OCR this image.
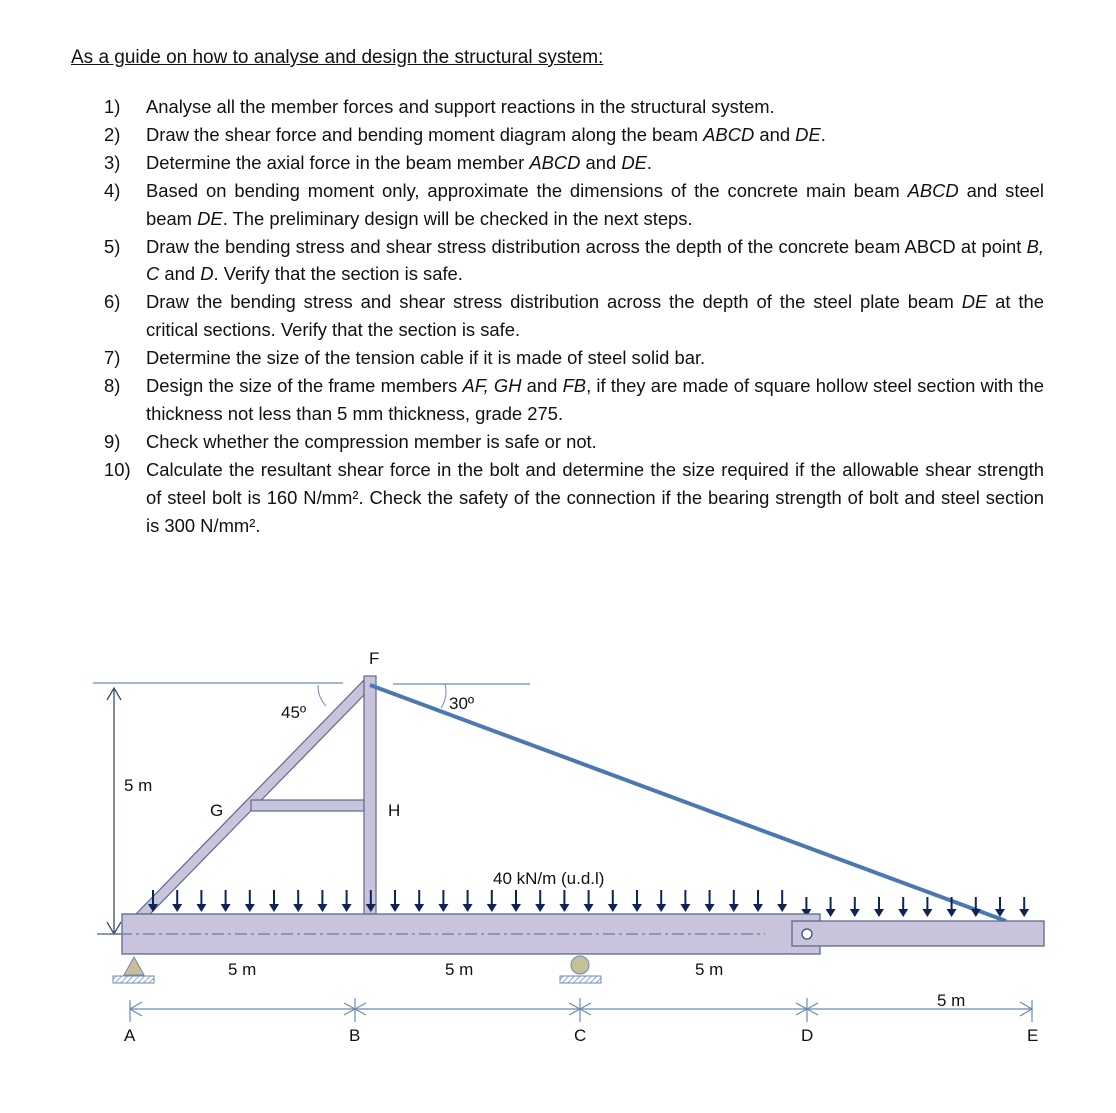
As a guide on how to analyse and design the structural system:
1)	Analyse all the member forces and support reactions in the structural system.
2)	Draw the shear force and bending moment diagram along the beam ABCD and DE.
3)	Determine the axial force in the beam member ABCD and DE.
4)	Based on bending moment only, approximate the dimensions of the concrete main beam ABCD and steel beam DE. The preliminary design will be checked in the next steps.
5)	Draw the bending stress and shear stress distribution across the depth of the concrete beam ABCD at point B, C and D. Verify that the section is safe.
6)	Draw the bending stress and shear stress distribution across the depth of the steel plate beam DE at the critical sections. Verify that the section is safe.
7)	Determine the size of the tension cable if it is made of steel solid bar.
8)	Design the size of the frame members AF, GH and FB, if they are made of square hollow steel section with the thickness not less than 5 mm thickness, grade 275.
9)	Check whether the compression member is safe or not.
10) Calculate the resultant shear force in the bolt and determine the size required if the allowable shear strength of steel bolt is 160 N/mm². Check the safety of the connection if the bearing strength of bolt and steel section is 300 N/mm².
5 m
45º	30º
40 kN/m (u.d.l)
5 m	5 m	5 m
5 m
F
G	H
A	B	C	D	E
